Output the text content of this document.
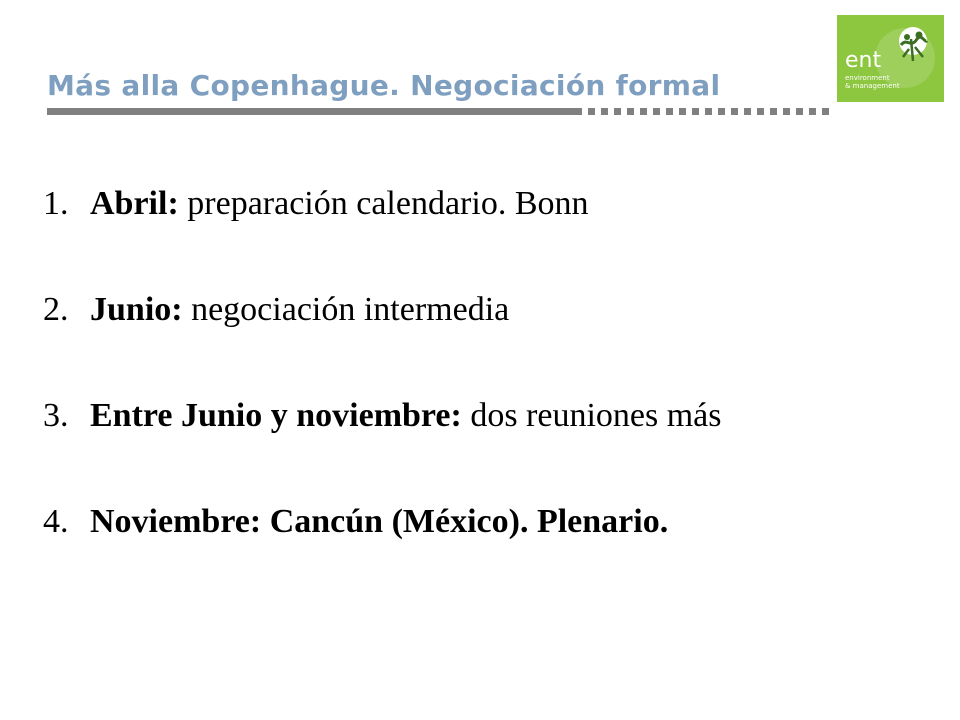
Más alla Copenhague. Negociación formal
ent
environment
& management
1. Abril: preparación calendario. Bonn
2. Junio: negociación intermedia
3. Entre Junio y noviembre: dos reuniones más
4. Noviembre: Cancún (México). Plenario.
